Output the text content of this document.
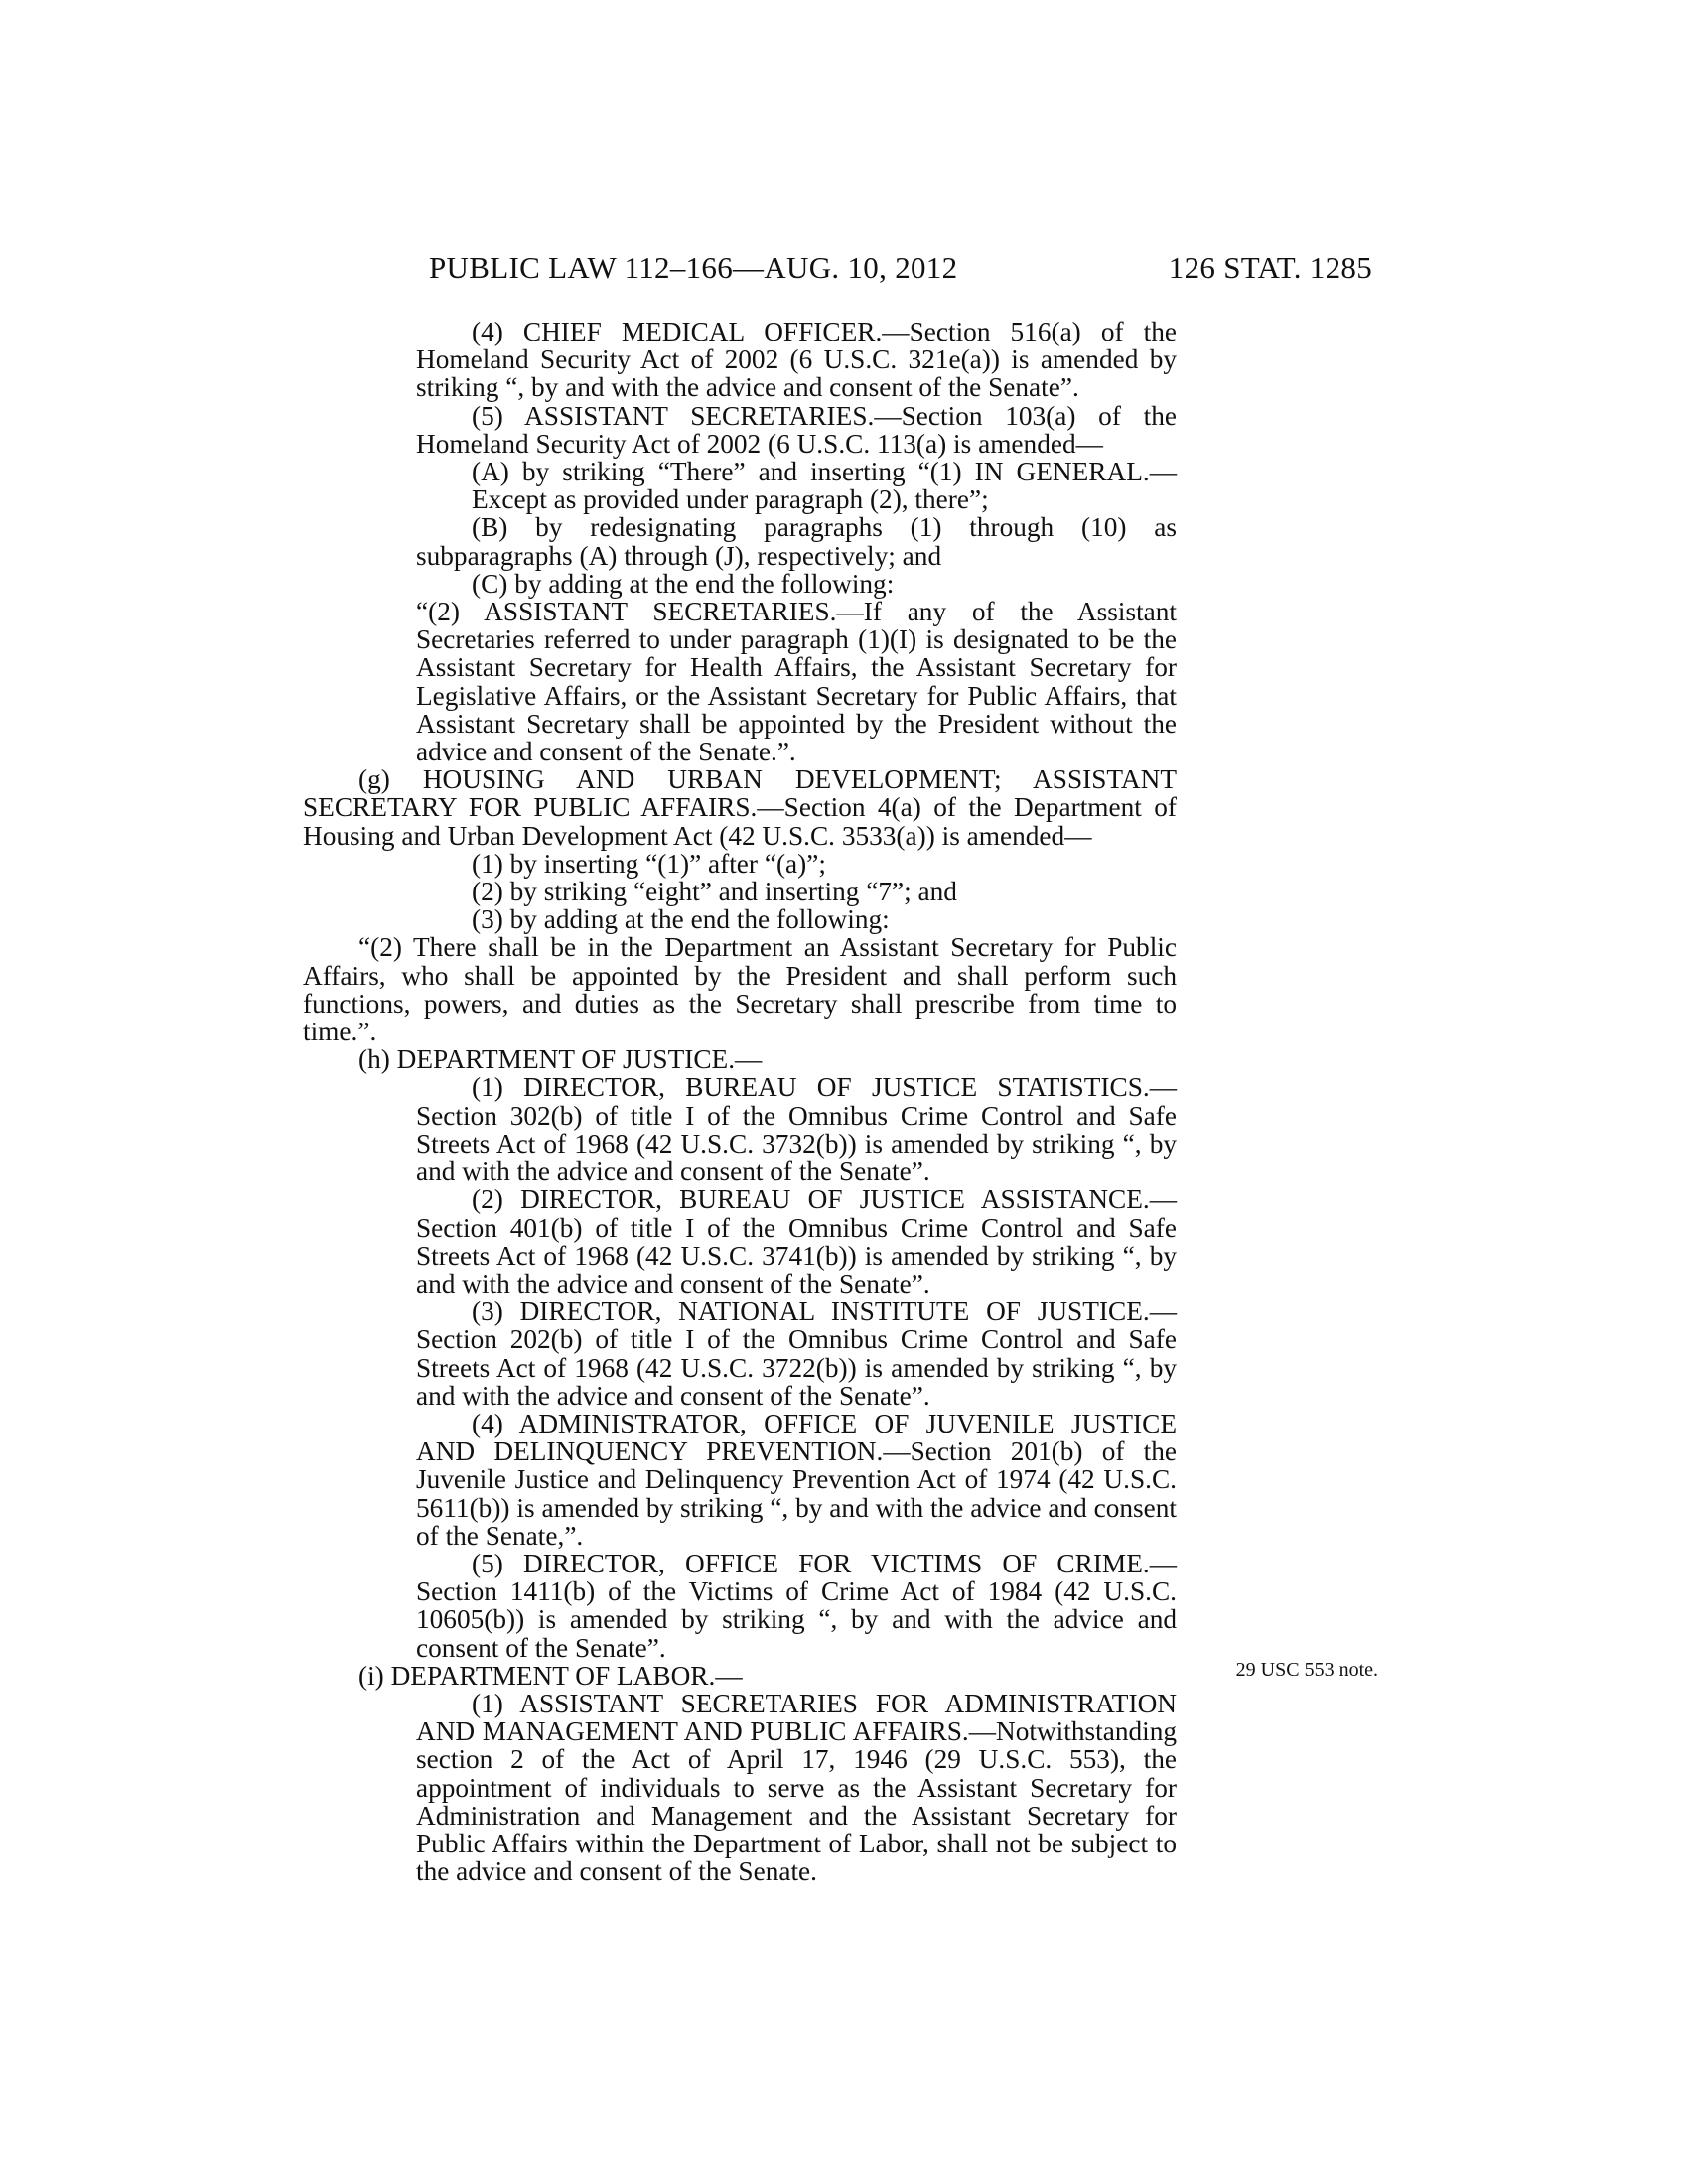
PUBLIC LAW 112–166—AUG. 10, 2012	126 STAT. 1285
29 USC 553 note.

(4) CHIEF MEDICAL OFFICER.—Section 516(a) of the Homeland Security Act of 2002 (6 U.S.C. 321e(a)) is amended by striking “, by and with the advice and consent of the Senate”.

(5) ASSISTANT SECRETARIES.—Section 103(a) of the Homeland Security Act of 2002 (6 U.S.C. 113(a) is amended—

(A) by striking “There” and inserting “(1) IN GENERAL.—Except as provided under paragraph (2), there”;

(B) by redesignating paragraphs (1) through (10) as subparagraphs (A) through (J), respectively; and

(C) by adding at the end the following:

“(2) ASSISTANT SECRETARIES.—If any of the Assistant Secretaries referred to under paragraph (1)(I) is designated to be the Assistant Secretary for Health Affairs, the Assistant Secretary for Legislative Affairs, or the Assistant Secretary for Public Affairs, that Assistant Secretary shall be appointed by the President without the advice and consent of the Senate.”.

(g) HOUSING AND URBAN DEVELOPMENT; ASSISTANT SECRETARY FOR PUBLIC AFFAIRS.—Section 4(a) of the Department of Housing and Urban Development Act (42 U.S.C. 3533(a)) is amended—

(1) by inserting “(1)” after “(a)”;

(2) by striking “eight” and inserting “7”; and

(3) by adding at the end the following:

“(2) There shall be in the Department an Assistant Secretary for Public Affairs, who shall be appointed by the President and shall perform such functions, powers, and duties as the Secretary shall prescribe from time to time.”.

(h) DEPARTMENT OF JUSTICE.—

(1) DIRECTOR, BUREAU OF JUSTICE STATISTICS.—Section 302(b) of title I of the Omnibus Crime Control and Safe Streets Act of 1968 (42 U.S.C. 3732(b)) is amended by striking “, by and with the advice and consent of the Senate”.

(2) DIRECTOR, BUREAU OF JUSTICE ASSISTANCE.—Section 401(b) of title I of the Omnibus Crime Control and Safe Streets Act of 1968 (42 U.S.C. 3741(b)) is amended by striking “, by and with the advice and consent of the Senate”.

(3) DIRECTOR, NATIONAL INSTITUTE OF JUSTICE.—Section 202(b) of title I of the Omnibus Crime Control and Safe Streets Act of 1968 (42 U.S.C. 3722(b)) is amended by striking “, by and with the advice and consent of the Senate”.

(4) ADMINISTRATOR, OFFICE OF JUVENILE JUSTICE AND DELINQUENCY PREVENTION.—Section 201(b) of the Juvenile Justice and Delinquency Prevention Act of 1974 (42 U.S.C. 5611(b)) is amended by striking “, by and with the advice and consent of the Senate,”.

(5) DIRECTOR, OFFICE FOR VICTIMS OF CRIME.—Section 1411(b) of the Victims of Crime Act of 1984 (42 U.S.C. 10605(b)) is amended by striking “, by and with the advice and consent of the Senate”.

(i) DEPARTMENT OF LABOR.—

(1) ASSISTANT SECRETARIES FOR ADMINISTRATION AND MANAGEMENT AND PUBLIC AFFAIRS.—Notwithstanding section 2 of the Act of April 17, 1946 (29 U.S.C. 553), the appointment of individuals to serve as the Assistant Secretary for Administration and Management and the Assistant Secretary for Public Affairs within the Department of Labor, shall not be subject to the advice and consent of the Senate.
